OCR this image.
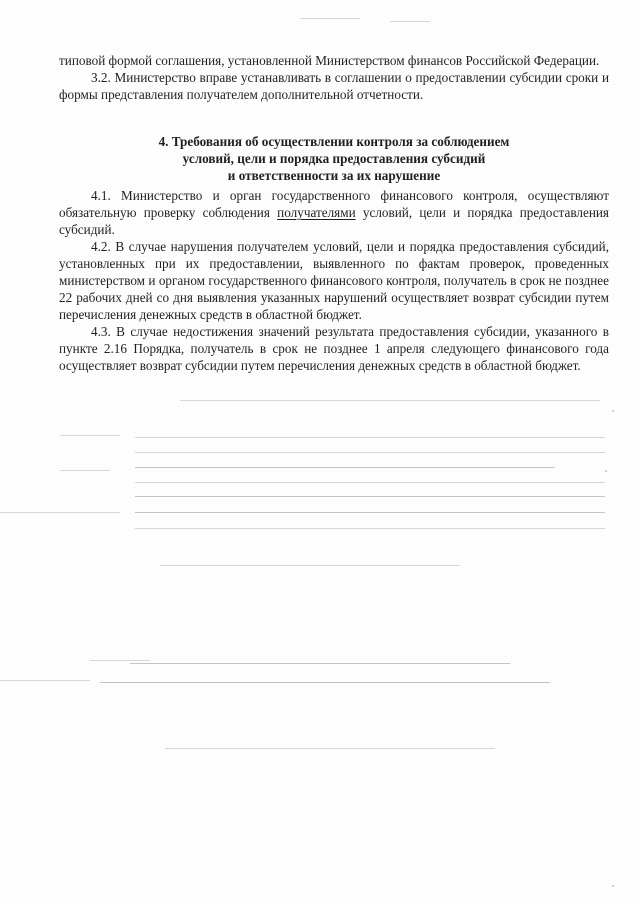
типовой формой соглашения, установленной Министерством финансов Российской Федерации.

3.2. Министерство вправе устанавливать в соглашении о предоставлении субсидии сроки и формы представления получателем дополнительной отчетности.

4. Требования об осуществлении контроля за соблюдением
условий, цели и порядка предоставления субсидий
и ответственности за их нарушение

4.1. Министерство и орган государственного финансового контроля, осуществляют обязательную проверку соблюдения получателями условий, цели и порядка предоставления субсидий.

4.2. В случае нарушения получателем условий, цели и порядка предоставления субсидий, установленных при их предоставлении, выявленного по фактам проверок, проведенных министерством и органом государственного финансового контроля, получатель в срок не позднее 22 рабочих дней со дня выявления указанных нарушений осуществляет возврат субсидии путем перечисления денежных средств в областной бюджет.

4.3. В случае недостижения значений результата предоставления субсидии, указанного в пункте 2.16 Порядка, получатель в срок не позднее 1 апреля следующего финансового года осуществляет возврат субсидии путем перечисления денежных средств в областной бюджет.
